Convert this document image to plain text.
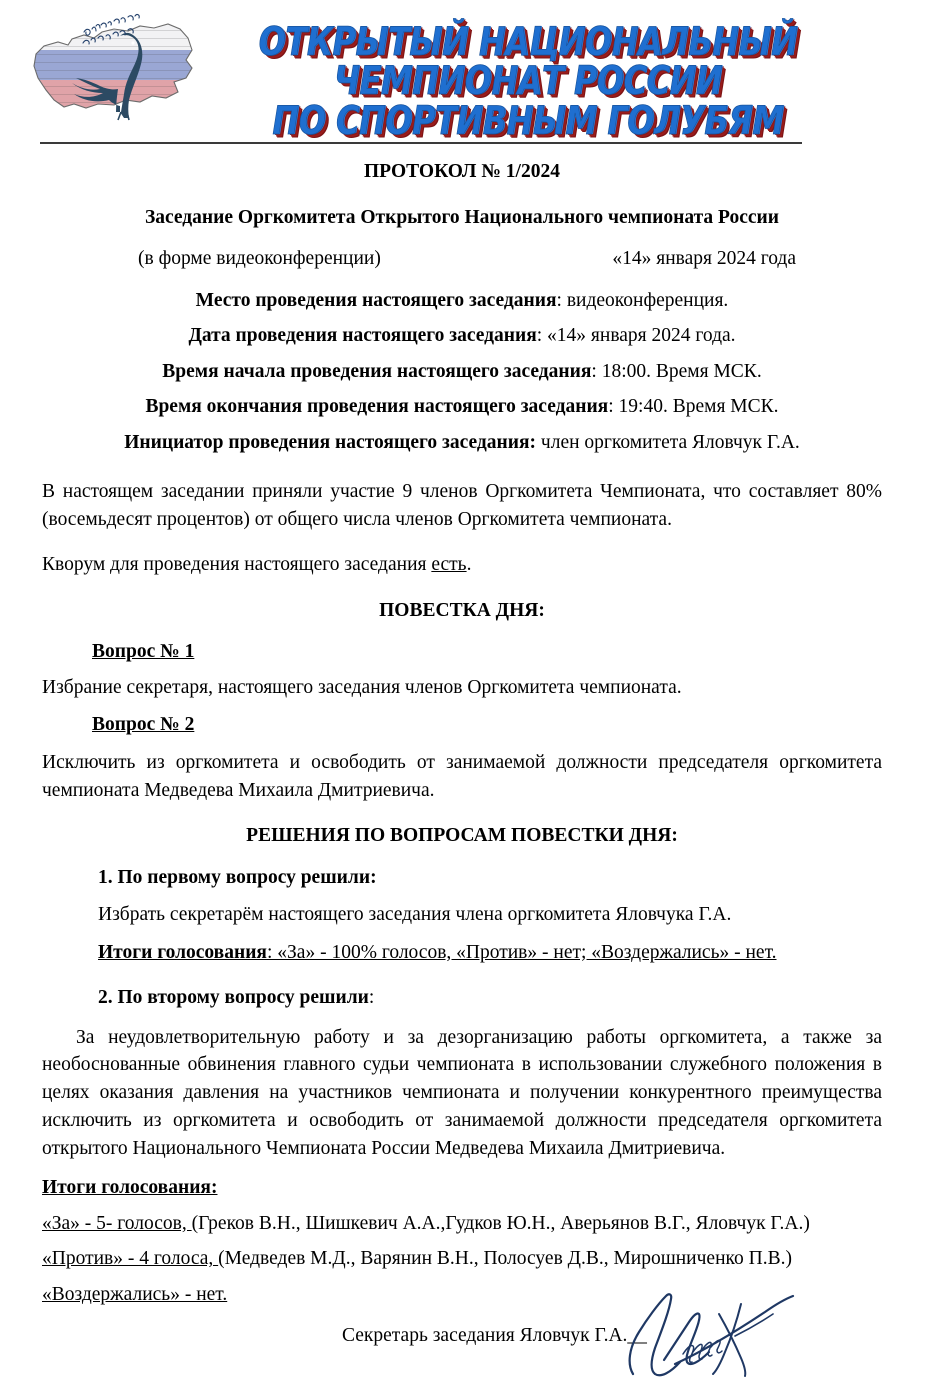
ОТКРЫТЫЙ НАЦИОНАЛЬНЫЙ ЧЕМПИОНАТ РОССИИ
ПО СПОРТИВНЫМ ГОЛУБЯМ

ПРОТОКОЛ № 1/2024

Заседание Оргкомитета Открытого Национального чемпионата России

(в форме видеоконференции)	«14» января 2024 года

Место проведения настоящего заседания: видеоконференция.

Дата проведения настоящего заседания: «14» января 2024 года.

Время начала проведения настоящего заседания: 18:00. Время МСК.

Время окончания проведения настоящего заседания: 19:40. Время МСК.

Инициатор проведения настоящего заседания: член оргкомитета Яловчук Г.А.

В настоящем заседании приняли участие 9 членов Оргкомитета Чемпионата, что составляет 80% (восемьдесят процентов) от общего числа членов Оргкомитета чемпионата.

Кворум для проведения настоящего заседания есть.

ПОВЕСТКА ДНЯ:

Вопрос № 1

Избрание секретаря, настоящего заседания членов Оргкомитета чемпионата.

Вопрос № 2

Исключить из оргкомитета и освободить от занимаемой должности председателя оргкомитета чемпионата Медведева Михаила Дмитриевича.

РЕШЕНИЯ ПО ВОПРОСАМ ПОВЕСТКИ ДНЯ:

1. По первому вопросу решили:

Избрать секретарём настоящего заседания члена оргкомитета Яловчука Г.А.

Итоги голосования: «За» - 100% голосов, «Против» - нет; «Воздержались» - нет.

2. По второму вопросу решили:

За неудовлетворительную работу и за дезорганизацию работы оргкомитета, а также за необоснованные обвинения главного судьи чемпионата в использовании служебного положения в целях оказания давления на участников чемпионата и получении конкурентного преимущества исключить из оргкомитета и освободить от занимаемой должности председателя оргкомитета открытого Национального Чемпионата России Медведева Михаила Дмитриевича.

Итоги голосования:

«За» - 5- голосов, (Греков В.Н., Шишкевич А.А.,Гудков Ю.Н., Аверьянов В.Г., Яловчук Г.А.)

«Против» - 4 голоса, (Медведев М.Д., Варянин В.Н., Полосуев Д.В., Мирошниченко П.В.)

«Воздержались» - нет.

Секретарь заседания Яловчук Г.А.__
